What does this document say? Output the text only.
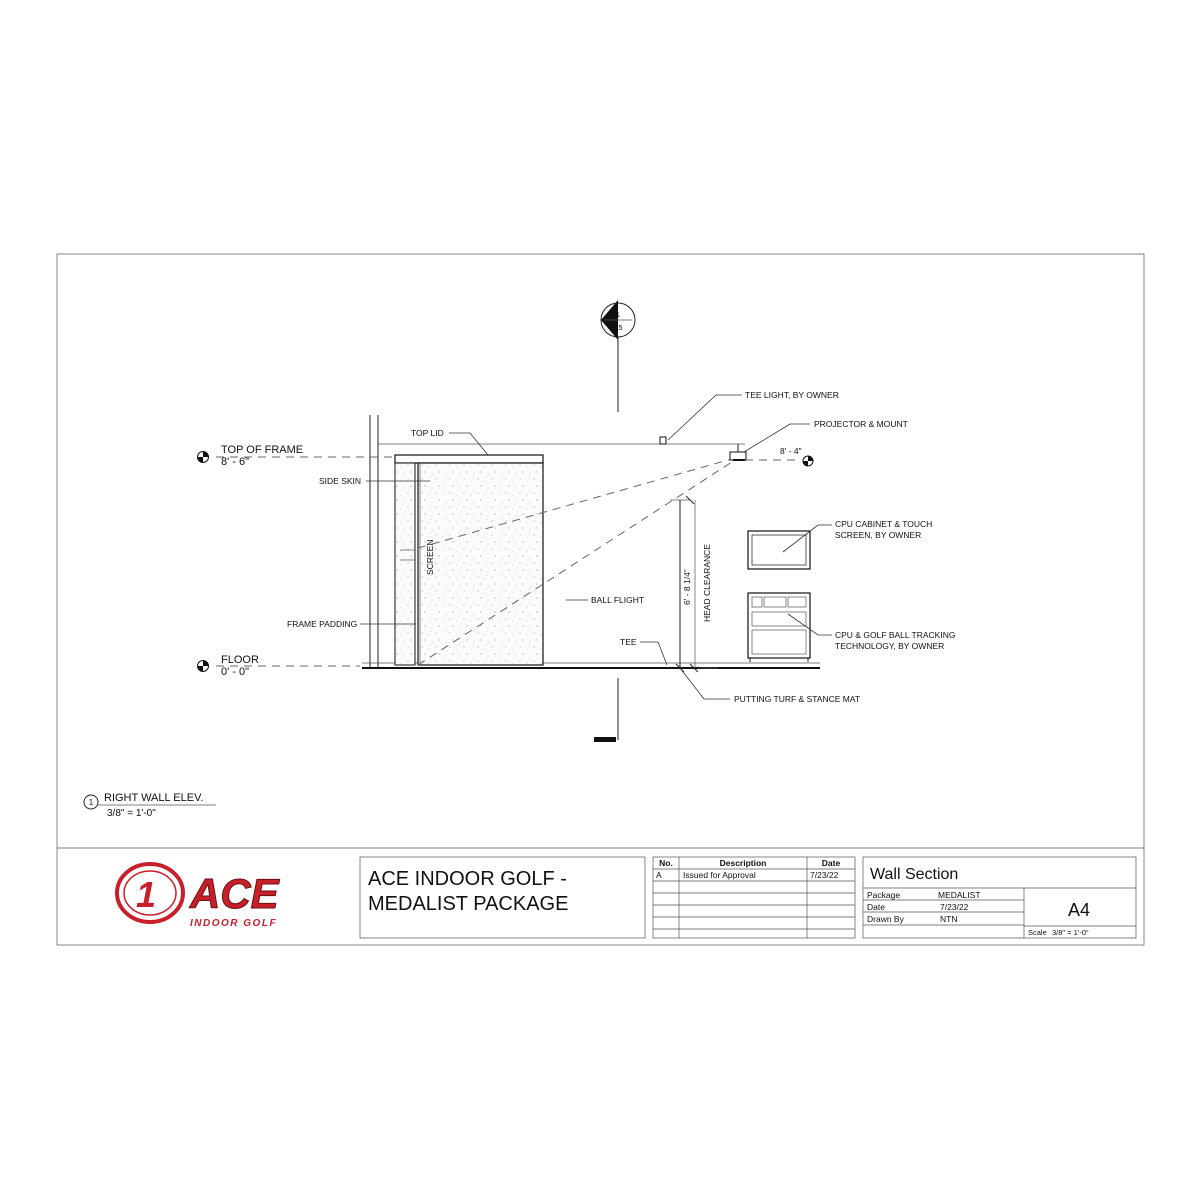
1
A5
TOP OF FRAME
8' - 6"
FLOOR
0' - 0"
8' - 4"
6' - 8 1/4" HEAD CLEARANCE
TOP LID
SIDE SKIN
SCREEN
FRAME PADDING
BALL FLIGHT
TEE
TEE LIGHT, BY OWNER
PROJECTOR & MOUNT
CPU CABINET & TOUCH
SCREEN, BY OWNER
CPU & GOLF BALL TRACKING
TECHNOLOGY, BY OWNER
PUTTING TURF & STANCE MAT
1 RIGHT WALL ELEV.
3/8" = 1'-0"
1 ACE
INDOOR GOLF
ACE INDOOR GOLF -
MEDALIST PACKAGE
No.	Description	Date
A	Issued for Approval	7/23/22 Wall Section
Package	MEDALIST
Date	7/23/22
Drawn By	NTN	A4
Scale 3/8" = 1'-0"
